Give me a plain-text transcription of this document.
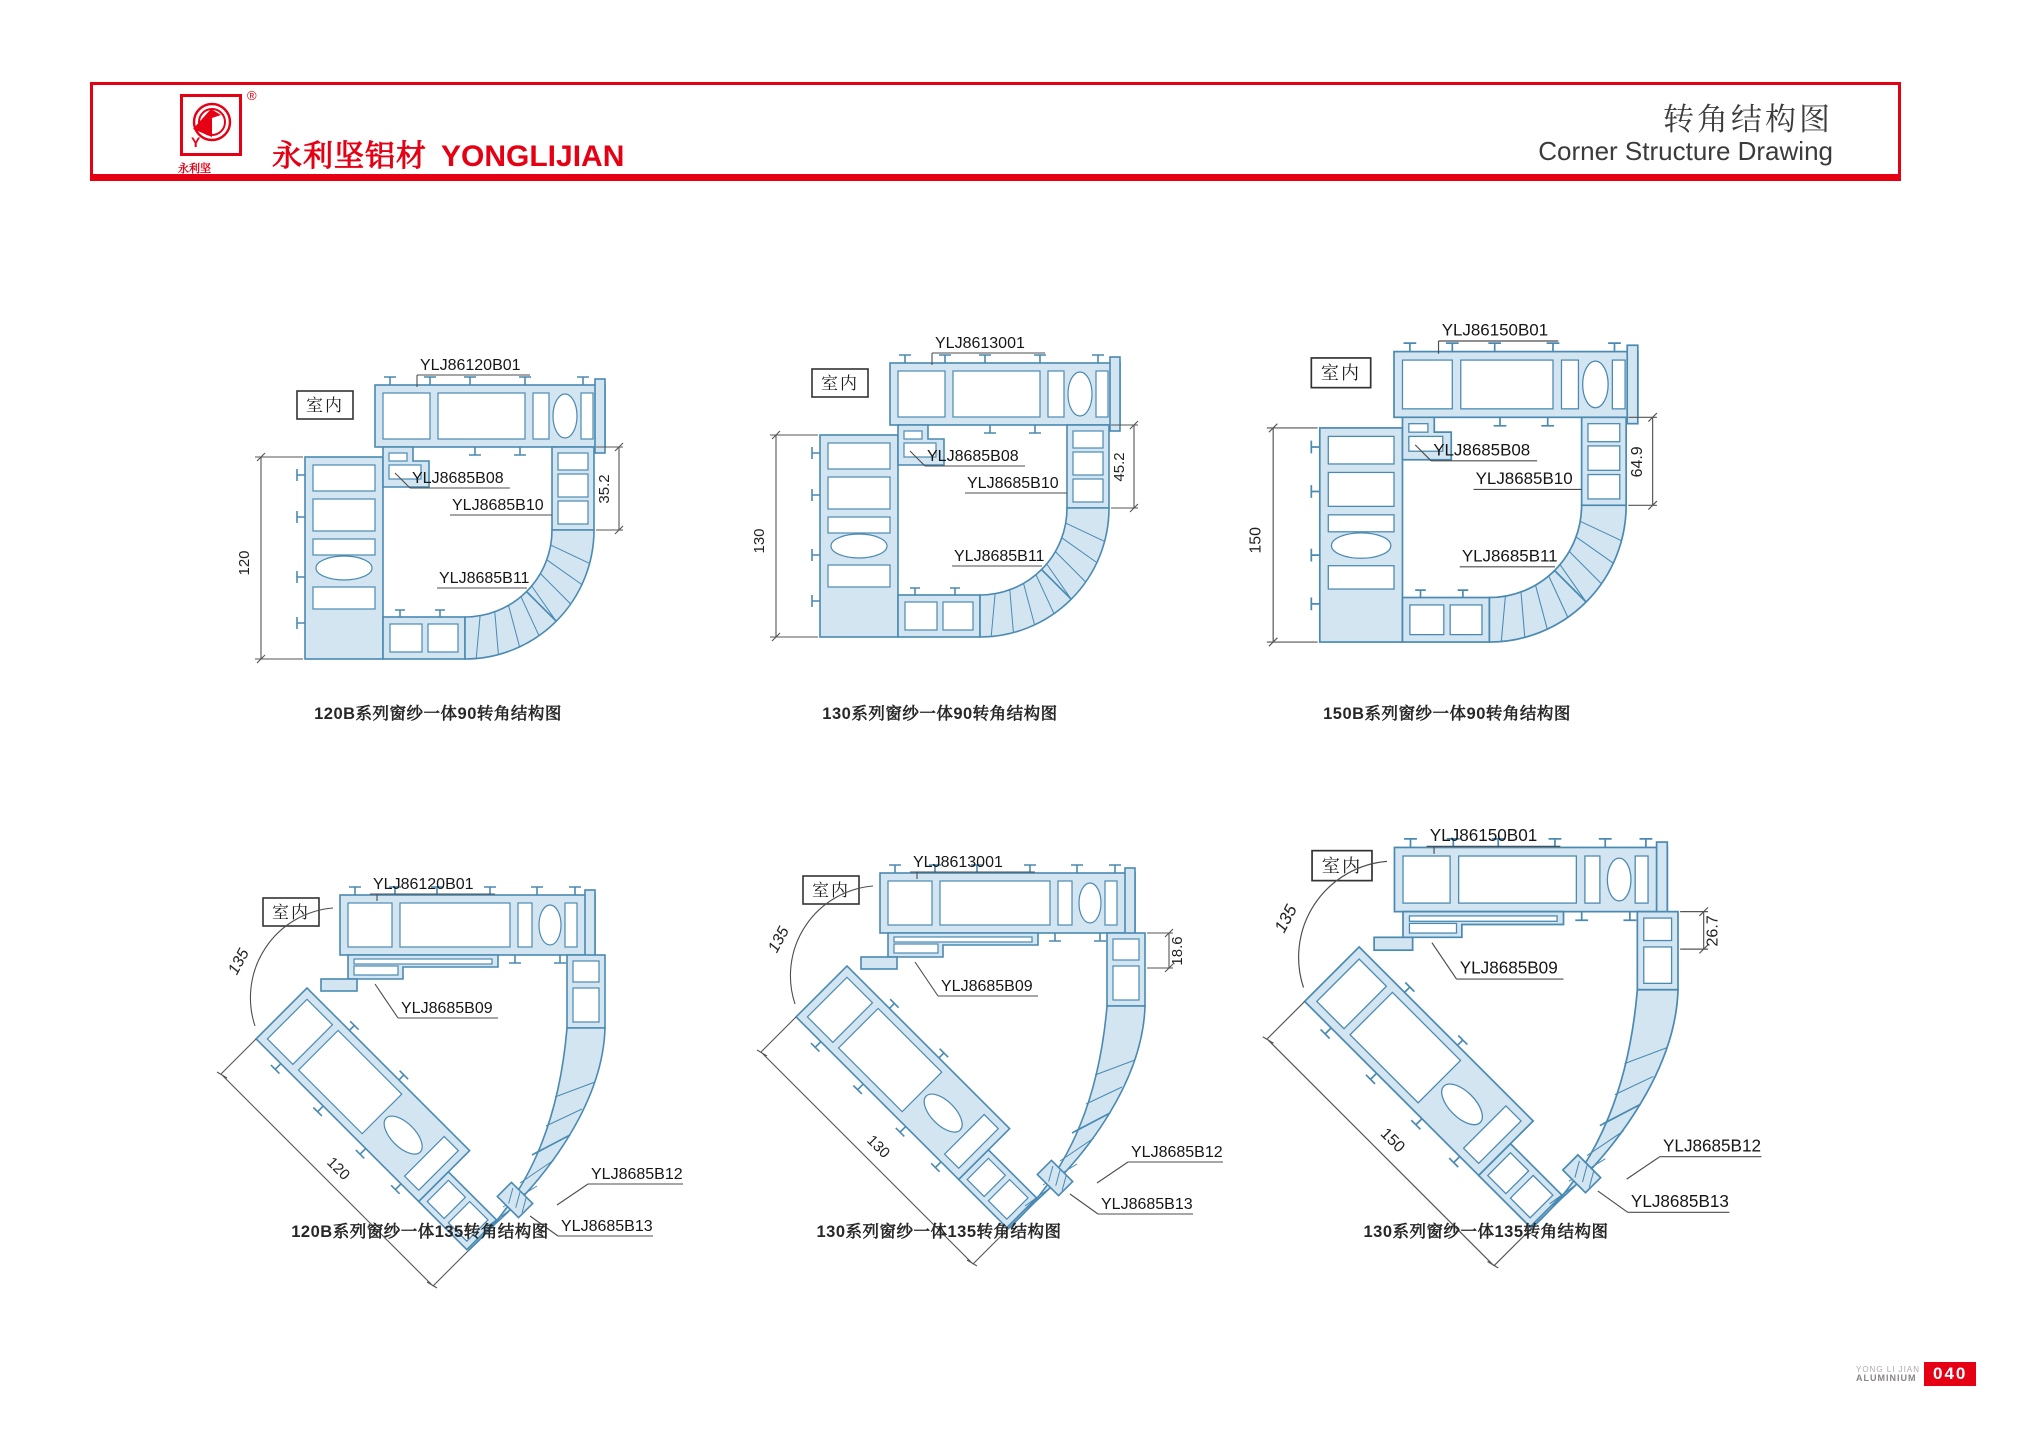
Y
®
永利坚	永利坚铝材 YONGLIJIAN
转角结构图
Corner Structure Drawing
YLJ86120B01
室内
YLJ8685B08
YLJ8685B10
YLJ8685B11
120
35.2
120B系列窗纱一体90转角结构图
YLJ8613001
室内
YLJ8685B08
YLJ8685B10
YLJ8685B11
130
45.2
130系列窗纱一体90转角结构图
YLJ86150B01
室内
YLJ8685B08
YLJ8685B10
YLJ8685B11
150
64.9
150B系列窗纱一体90转角结构图
YLJ86120B01
室内
135
YLJ8685B09
YLJ8685B12
YLJ8685B13
120
120B系列窗纱一体135转角结构图
YLJ8613001
室内
135
YLJ8685B09
YLJ8685B12
YLJ8685B13
130
18.6
130系列窗纱一体135转角结构图
YLJ86150B01
室内
135
YLJ8685B09
YLJ8685B12
YLJ8685B13
150
26.7
130系列窗纱一体135转角结构图
YONG LI JIAN
ALUMINIUM 040
